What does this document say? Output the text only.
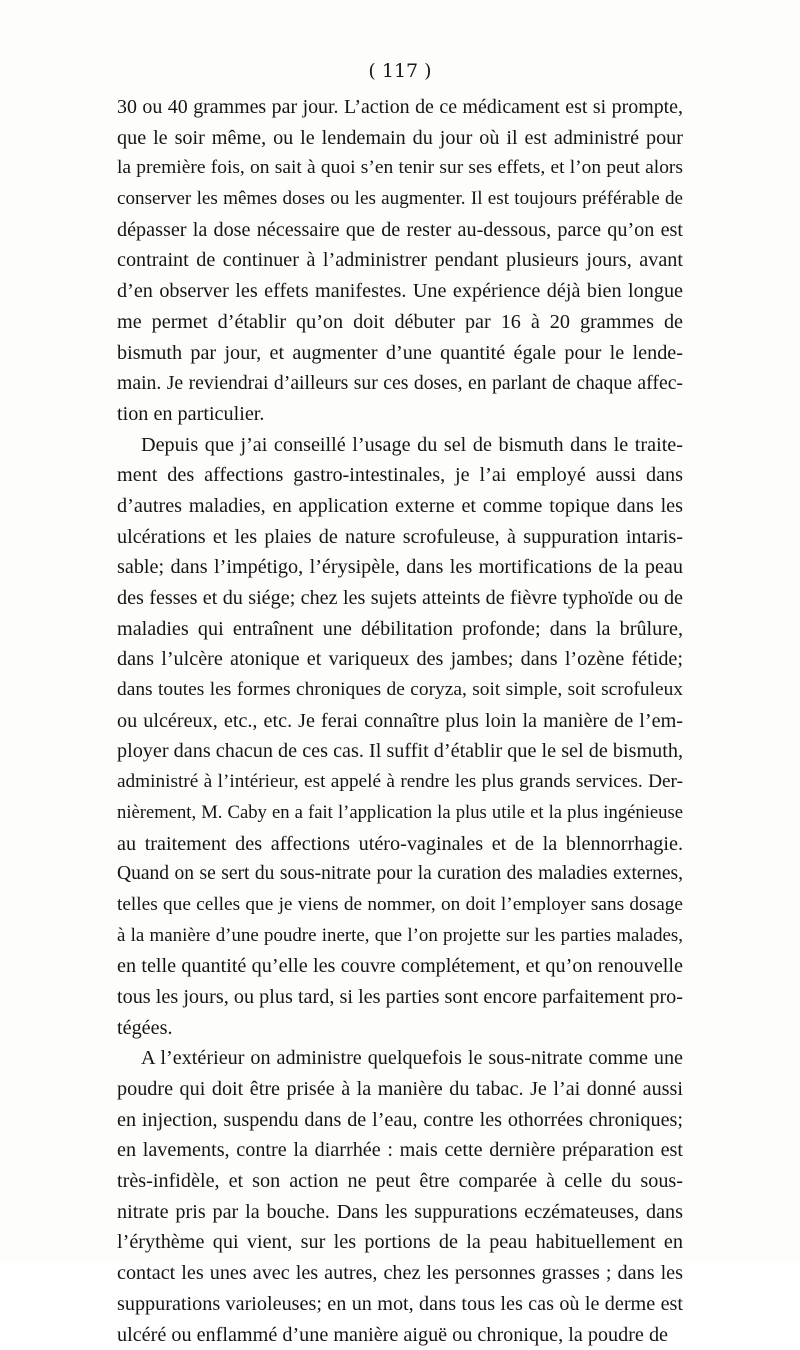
( 117 )
30 ou 40 grammes par jour. L’action de ce médicament est si prompte,
que le soir même, ou le lendemain du jour où il est administré pour
la première fois, on sait à quoi s’en tenir sur ses effets, et l’on peut alors
conserver les mêmes doses ou les augmenter. Il est toujours préférable de
dépasser la dose nécessaire que de rester au-dessous, parce qu’on est
contraint de continuer à l’administrer pendant plusieurs jours, avant
d’en observer les effets manifestes. Une expérience déjà bien longue
me permet d’établir qu’on doit débuter par 16 à 20 grammes de
bismuth par jour, et augmenter d’une quantité égale pour le lende-
main. Je reviendrai d’ailleurs sur ces doses, en parlant de chaque affec-
tion en particulier.
Depuis que j’ai conseillé l’usage du sel de bismuth dans le traite-
ment des affections gastro-intestinales, je l’ai employé aussi dans
d’autres maladies, en application externe et comme topique dans les
ulcérations et les plaies de nature scrofuleuse, à suppuration intaris-
sable; dans l’impétigo, l’érysipèle, dans les mortifications de la peau
des fesses et du siége; chez les sujets atteints de fièvre typhoïde ou de
maladies qui entraînent une débilitation profonde; dans la brûlure,
dans l’ulcère atonique et variqueux des jambes; dans l’ozène fétide;
dans toutes les formes chroniques de coryza, soit simple, soit scrofuleux
ou ulcéreux, etc., etc. Je ferai connaître plus loin la manière de l’em-
ployer dans chacun de ces cas. Il suffit d’établir que le sel de bismuth,
administré à l’intérieur, est appelé à rendre les plus grands services. Der-
nièrement, M. Caby en a fait l’application la plus utile et la plus ingénieuse
au traitement des affections utéro-vaginales et de la blennorrhagie.
Quand on se sert du sous-nitrate pour la curation des maladies externes,
telles que celles que je viens de nommer, on doit l’employer sans dosage
à la manière d’une poudre inerte, que l’on projette sur les parties malades,
en telle quantité qu’elle les couvre complétement, et qu’on renouvelle
tous les jours, ou plus tard, si les parties sont encore parfaitement pro-
tégées.
A l’extérieur on administre quelquefois le sous-nitrate comme une
poudre qui doit être prisée à la manière du tabac. Je l’ai donné aussi
en injection, suspendu dans de l’eau, contre les othorrées chroniques;
en lavements, contre la diarrhée : mais cette dernière préparation est
très-infidèle, et son action ne peut être comparée à celle du sous-
nitrate pris par la bouche. Dans les suppurations eczémateuses, dans
l’érythème qui vient, sur les portions de la peau habituellement en
contact les unes avec les autres, chez les personnes grasses ; dans les
suppurations varioleuses; en un mot, dans tous les cas où le derme est
ulcéré ou enflammé d’une manière aiguë ou chronique, la poudre de
